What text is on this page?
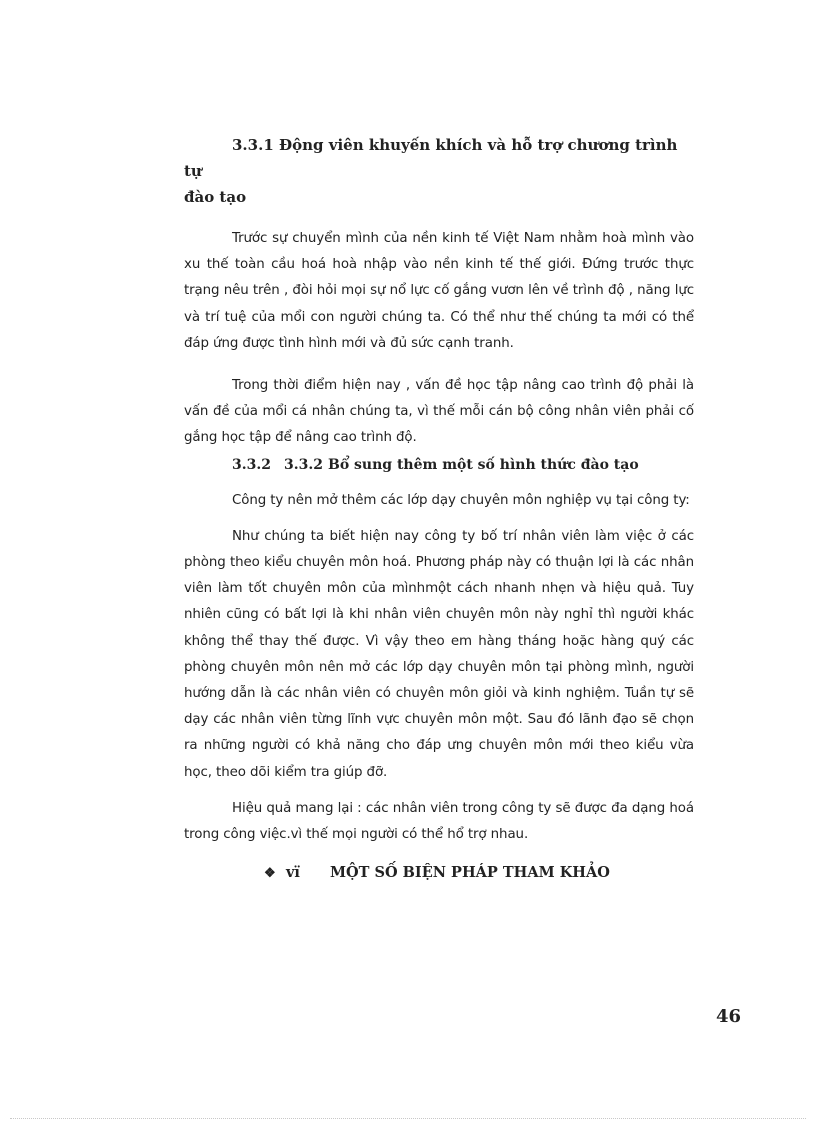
3.3.1 Động viên khuyến khích và hỗ trợ chương trình tự
đào tạo

Trước sự chuyển mình của nền kinh tế Việt Nam nhằm hoà mình vào xu thế toàn cầu hoá hoà nhập vào nền kinh tế thế giới. Đứng trước thực trạng nêu trên , đòi hỏi mọi sự nổ lực cố gắng vươn lên về trình độ , năng lực và trí tuệ của mổi con người chúng ta. Có thể như thế chúng ta mới có thể đáp ứng được tình hình mới và đủ sức cạnh tranh.

Trong thời điểm hiện nay , vấn đề học tập nâng cao trình độ phải là vấn đề của mổi cá nhân chúng ta, vì thế mỗi cán bộ công nhân viên phải cố gắng học tập để nâng cao trình độ.

3.3.2 3.3.2 Bổ sung thêm một số hình thức đào tạo

Công ty nên mở thêm các lớp dạy chuyên môn nghiệp vụ tại công ty:

Như chúng ta biết hiện nay công ty bố trí nhân viên làm việc ở các phòng theo kiểu chuyên môn hoá. Phương pháp này có thuận lợi là các nhân viên làm tốt chuyên môn của mìnhmột cách nhanh nhẹn và hiệu quả. Tuy nhiên cũng có bất lợi là khi nhân viên chuyên môn này nghỉ thì người khác không thể thay thế được. Vì vậy theo em hàng tháng hoặc hàng quý các phòng chuyên môn nên mở các lớp dạy chuyên môn tại phòng mình, người hướng dẫn là các nhân viên có chuyên môn giỏi và kinh nghiệm. Tuần tự sẽ dạy các nhân viên từng lĩnh vực chuyên môn một. Sau đó lãnh đạo sẽ chọn ra những người có khả năng cho đáp ưng chuyên môn mới theo kiểu vừa học, theo dõi kiểm tra giúp đỡ.

Hiệu quả mang lại : các nhân viên trong công ty sẽ được đa dạng hoá trong công việc.vì thế mọi người có thể hổ trợ nhau.

❖ vï MỘT SỐ BIỆN PHÁP THAM KHẢO
46
